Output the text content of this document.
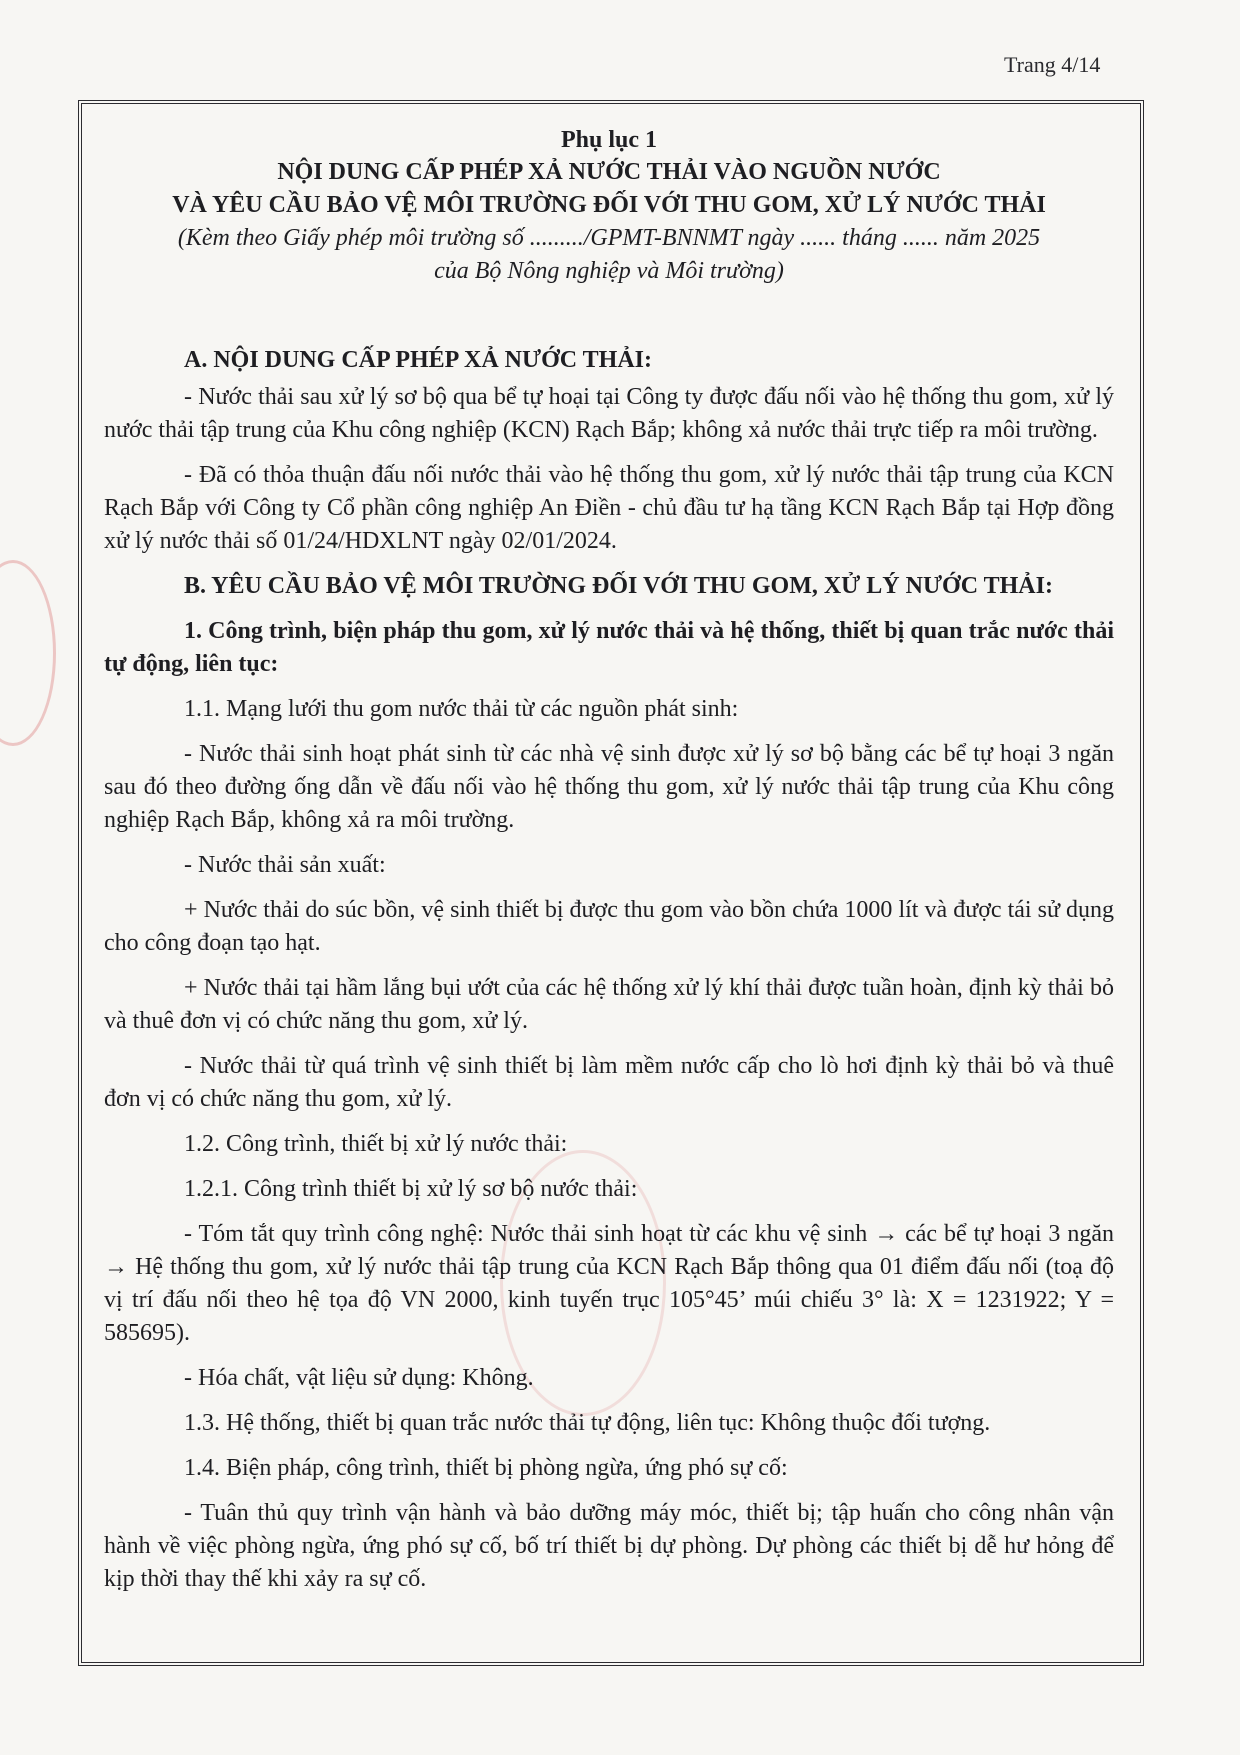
Trang 4/14

Phụ lục 1

NỘI DUNG CẤP PHÉP XẢ NƯỚC THẢI VÀO NGUỒN NƯỚC

VÀ YÊU CẦU BẢO VỆ MÔI TRƯỜNG ĐỐI VỚI THU GOM, XỬ LÝ NƯỚC THẢI

(Kèm theo Giấy phép môi trường số ........./GPMT-BNNMT ngày ...... tháng ...... năm 2025

của Bộ Nông nghiệp và Môi trường)

A. NỘI DUNG CẤP PHÉP XẢ NƯỚC THẢI:

- Nước thải sau xử lý sơ bộ qua bể tự hoại tại Công ty được đấu nối vào hệ thống thu gom, xử lý nước thải tập trung của Khu công nghiệp (KCN) Rạch Bắp; không xả nước thải trực tiếp ra môi trường.

- Đã có thỏa thuận đấu nối nước thải vào hệ thống thu gom, xử lý nước thải tập trung của KCN Rạch Bắp với Công ty Cổ phần công nghiệp An Điền - chủ đầu tư hạ tầng KCN Rạch Bắp tại Hợp đồng xử lý nước thải số 01/24/HDXLNT ngày 02/01/2024.

B. YÊU CẦU BẢO VỆ MÔI TRƯỜNG ĐỐI VỚI THU GOM, XỬ LÝ NƯỚC THẢI:

1. Công trình, biện pháp thu gom, xử lý nước thải và hệ thống, thiết bị quan trắc nước thải tự động, liên tục:

1.1. Mạng lưới thu gom nước thải từ các nguồn phát sinh:

- Nước thải sinh hoạt phát sinh từ các nhà vệ sinh được xử lý sơ bộ bằng các bể tự hoại 3 ngăn sau đó theo đường ống dẫn về đấu nối vào hệ thống thu gom, xử lý nước thải tập trung của Khu công nghiệp Rạch Bắp, không xả ra môi trường.

- Nước thải sản xuất:

+ Nước thải do súc bồn, vệ sinh thiết bị được thu gom vào bồn chứa 1000 lít và được tái sử dụng cho công đoạn tạo hạt.

+ Nước thải tại hầm lắng bụi ướt của các hệ thống xử lý khí thải được tuần hoàn, định kỳ thải bỏ và thuê đơn vị có chức năng thu gom, xử lý.

- Nước thải từ quá trình vệ sinh thiết bị làm mềm nước cấp cho lò hơi định kỳ thải bỏ và thuê đơn vị có chức năng thu gom, xử lý.

1.2. Công trình, thiết bị xử lý nước thải:

1.2.1. Công trình thiết bị xử lý sơ bộ nước thải:

- Tóm tắt quy trình công nghệ: Nước thải sinh hoạt từ các khu vệ sinh → các bể tự hoại 3 ngăn → Hệ thống thu gom, xử lý nước thải tập trung của KCN Rạch Bắp thông qua 01 điểm đấu nối (toạ độ vị trí đấu nối theo hệ tọa độ VN 2000, kinh tuyến trục 105°45’ múi chiếu 3° là: X = 1231922; Y = 585695).

- Hóa chất, vật liệu sử dụng: Không.

1.3. Hệ thống, thiết bị quan trắc nước thải tự động, liên tục: Không thuộc đối tượng.

1.4. Biện pháp, công trình, thiết bị phòng ngừa, ứng phó sự cố:

- Tuân thủ quy trình vận hành và bảo dưỡng máy móc, thiết bị; tập huấn cho công nhân vận hành về việc phòng ngừa, ứng phó sự cố, bố trí thiết bị dự phòng. Dự phòng các thiết bị dễ hư hỏng để kịp thời thay thế khi xảy ra sự cố.
